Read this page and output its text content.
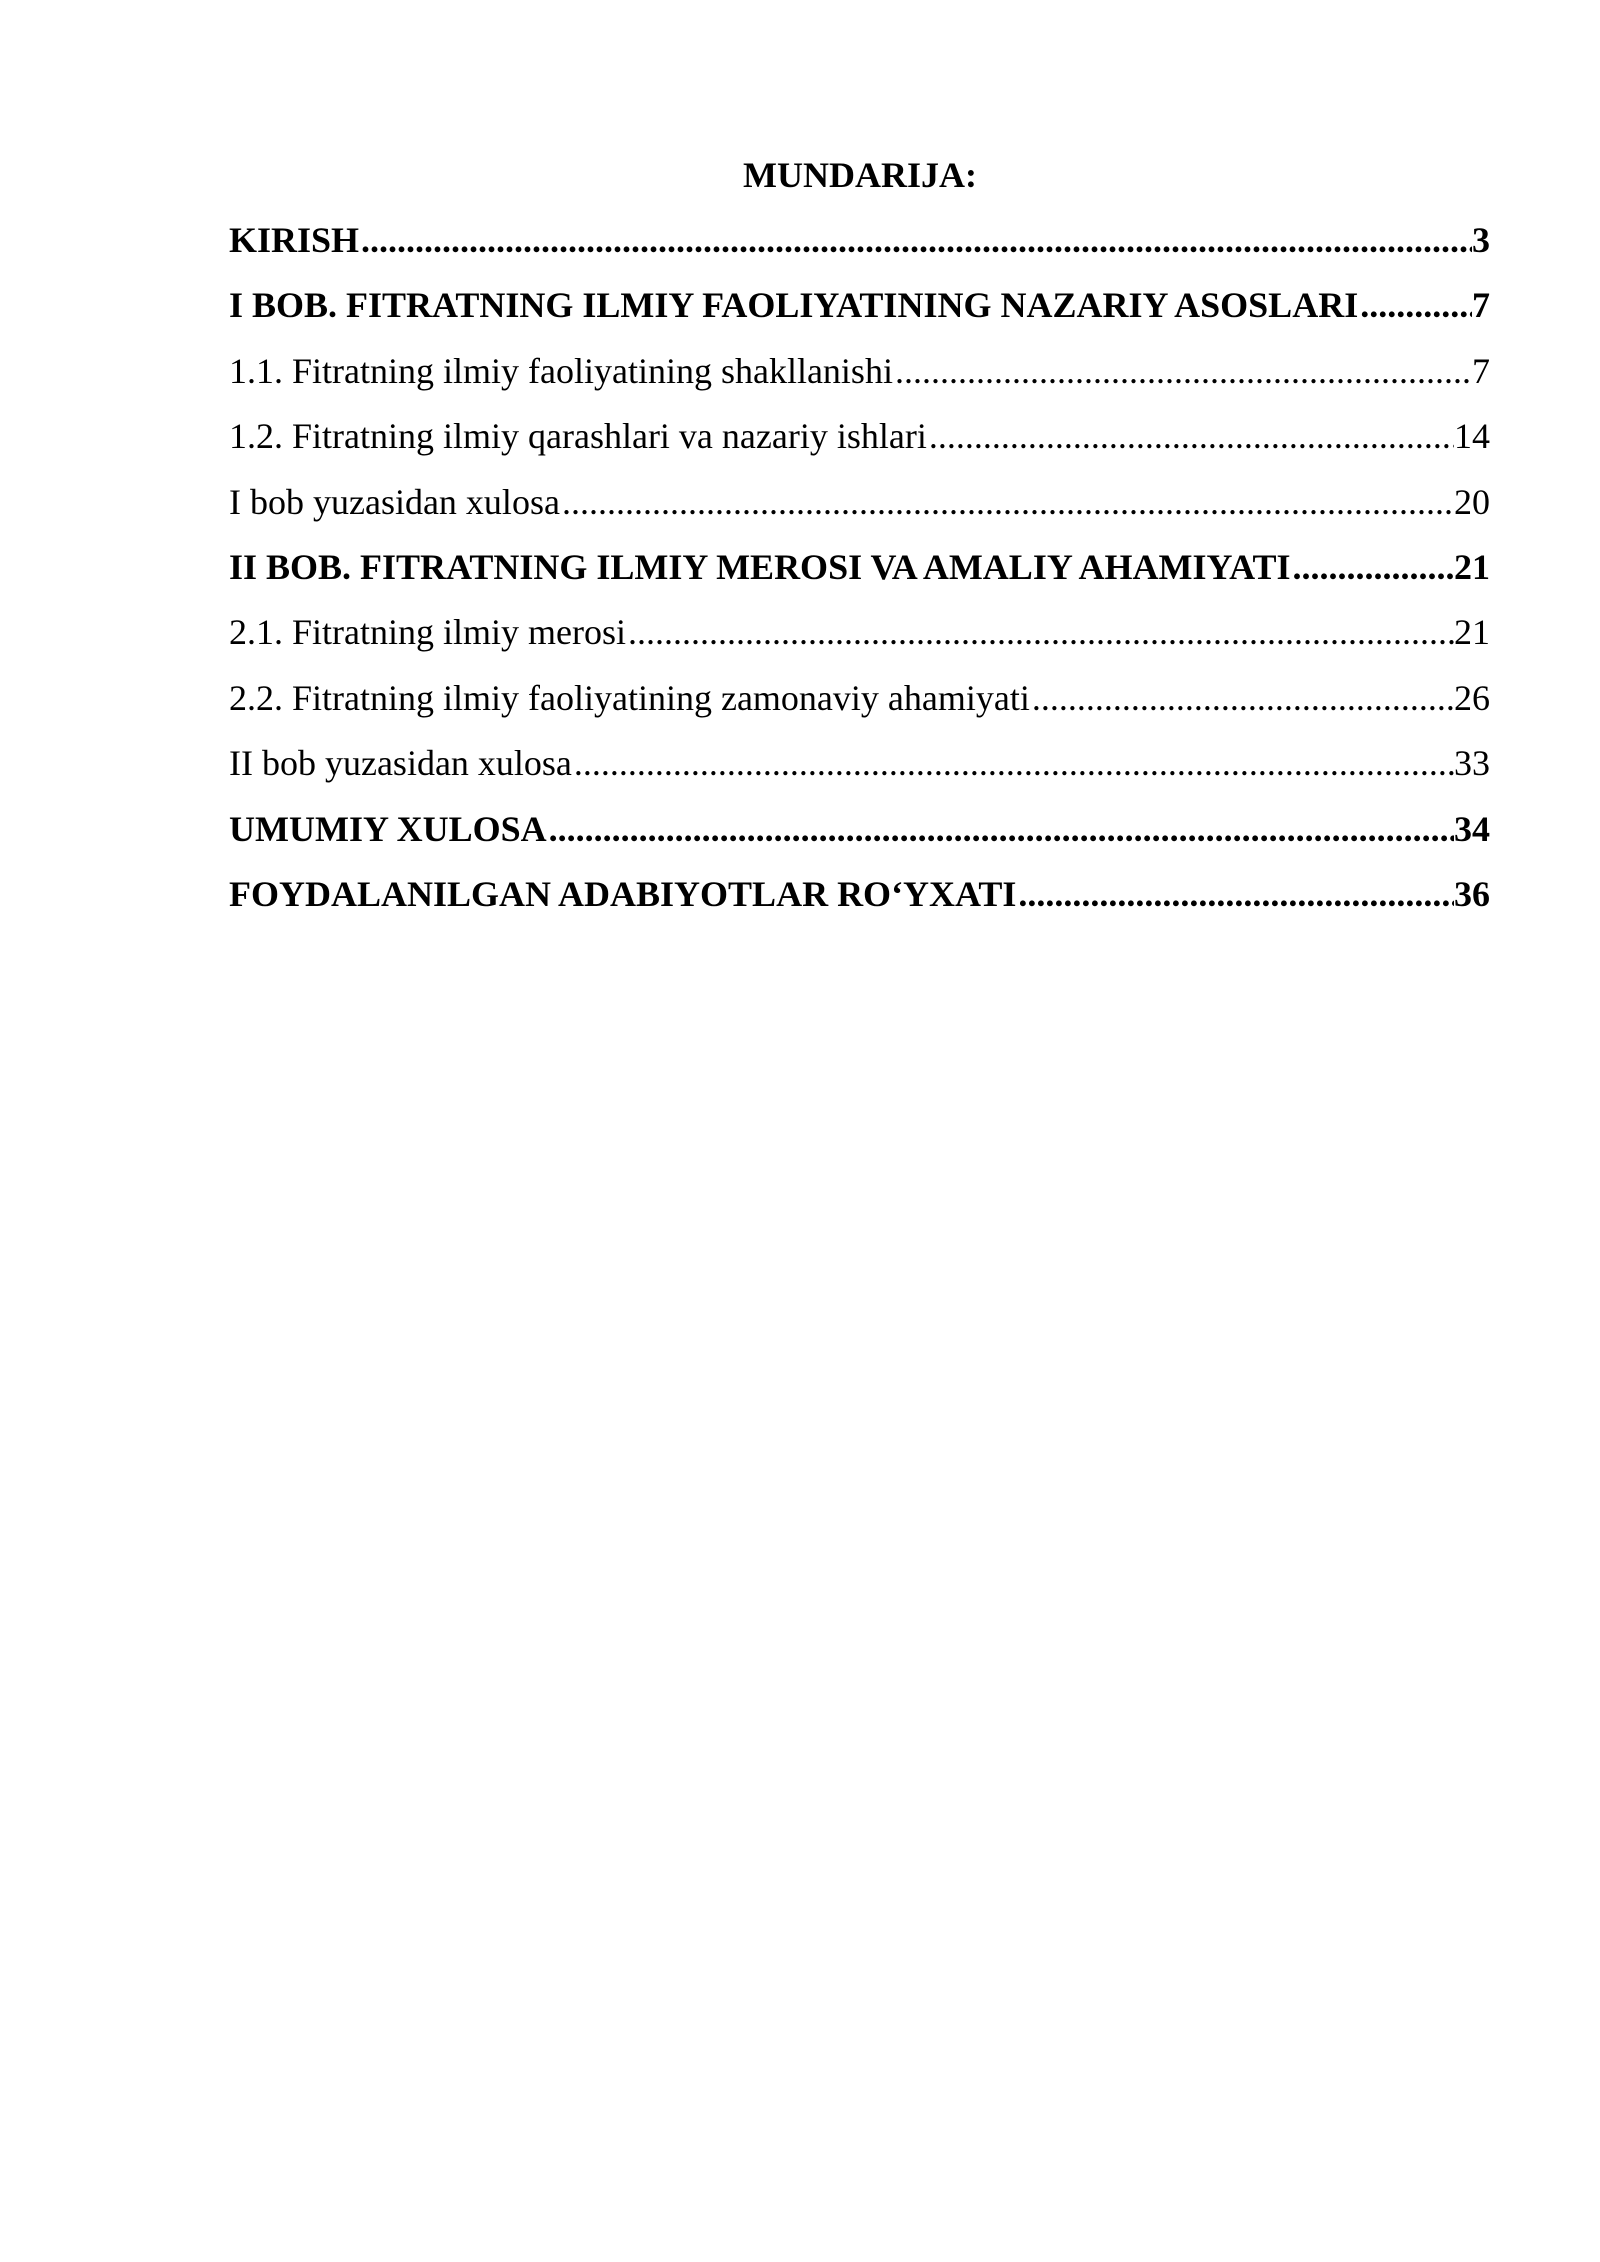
MUNDARIJA:
KIRISH .....	3
I BOB. FITRATNING ILMIY FAOLIYATINING NAZARIY ASOSLARI .....	7
1.1. Fitratning ilmiy faoliyatining shakllanishi .....	7
1.2. Fitratning ilmiy qarashlari va nazariy ishlari .....	14
I bob yuzasidan xulosa .....	20
II BOB. FITRATNING ILMIY MEROSI VA AMALIY AHAMIYATI .....	21
2.1. Fitratning ilmiy merosi .....	21
2.2. Fitratning ilmiy faoliyatining zamonaviy ahamiyati .....	26
II bob yuzasidan xulosa .....	33
UMUMIY XULOSA .....	34
FOYDALANILGAN ADABIYOTLAR RO‘YXATI .....	36
